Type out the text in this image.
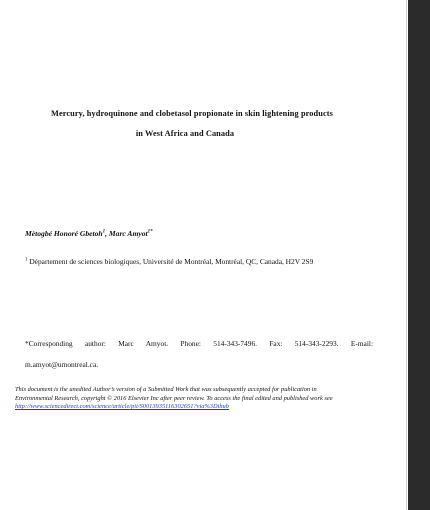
Mercury, hydroquinone and clobetasol propionate in skin lightening products
in West Africa and Canada
Mètogbé Honoré Gbetoh$^1$, Marc Amyot$^{1*}$
$^1$ Département de sciences biologiques, Université de Montréal, Montréal, QC, Canada, H2V 2S9
*Corresponding author: Marc Amyot. Phone: 514-343-7496. Fax: 514-343-2293. E-mail:
m.amyot@umontreal.ca.
This document is the unedited Author’s version of a Submitted Work that was subsequently accepted for publication in Environmental Research, copyright © 2016 Elsevier Inc after peer review. To access the final edited and published work see
http://www.sciencedirect.com/science/article/pii/S0013935116302651?via%3Dihub
